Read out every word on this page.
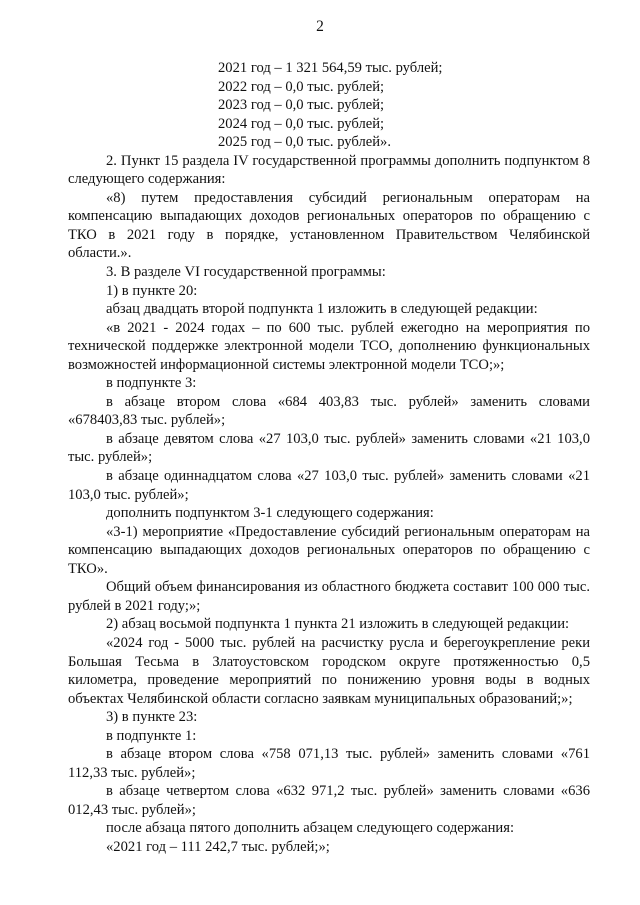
2

2021 год – 1 321 564,59 тыс. рублей;

2022 год – 0,0 тыс. рублей;

2023 год – 0,0 тыс. рублей;

2024 год – 0,0 тыс. рублей;

2025 год – 0,0 тыс. рублей».

2. Пункт 15 раздела IV государственной программы дополнить подпунктом 8 следующего содержания:

«8) путем предоставления субсидий региональным операторам на компенсацию выпадающих доходов региональных операторов по обращению с ТКО в 2021 году в порядке, установленном Правительством Челябинской области.».

3. В разделе VI государственной программы:

1) в пункте 20:

абзац двадцать второй подпункта 1 изложить в следующей редакции:

«в 2021 - 2024 годах – по 600 тыс. рублей ежегодно на мероприятия по технической поддержке электронной модели ТСО, дополнению функциональных возможностей информационной системы электронной модели ТСО;»;

в подпункте 3:

в абзаце втором слова «684 403,83 тыс. рублей» заменить словами «678403,83 тыс. рублей»;

в абзаце девятом слова «27 103,0 тыс. рублей» заменить словами «21 103,0 тыс. рублей»;

в абзаце одиннадцатом слова «27 103,0 тыс. рублей» заменить словами «21 103,0 тыс. рублей»;

дополнить подпунктом 3-1 следующего содержания:

«3-1) мероприятие «Предоставление субсидий региональным операторам на компенсацию выпадающих доходов региональных операторов по обращению с ТКО».

Общий объем финансирования из областного бюджета составит 100 000 тыс. рублей в 2021 году;»;

2) абзац восьмой подпункта 1 пункта 21 изложить в следующей редакции:

«2024 год - 5000 тыс. рублей на расчистку русла и берегоукрепление реки Большая Тесьма в Златоустовском городском округе протяженностью 0,5 километра, проведение мероприятий по понижению уровня воды в водных объектах Челябинской области согласно заявкам муниципальных образований;»;

3) в пункте 23:

в подпункте 1:

в абзаце втором слова «758 071,13 тыс. рублей» заменить словами «761 112,33 тыс. рублей»;

в абзаце четвертом слова «632 971,2 тыс. рублей» заменить словами «636 012,43 тыс. рублей»;

после абзаца пятого дополнить абзацем следующего содержания:

«2021 год – 111 242,7 тыс. рублей;»;
